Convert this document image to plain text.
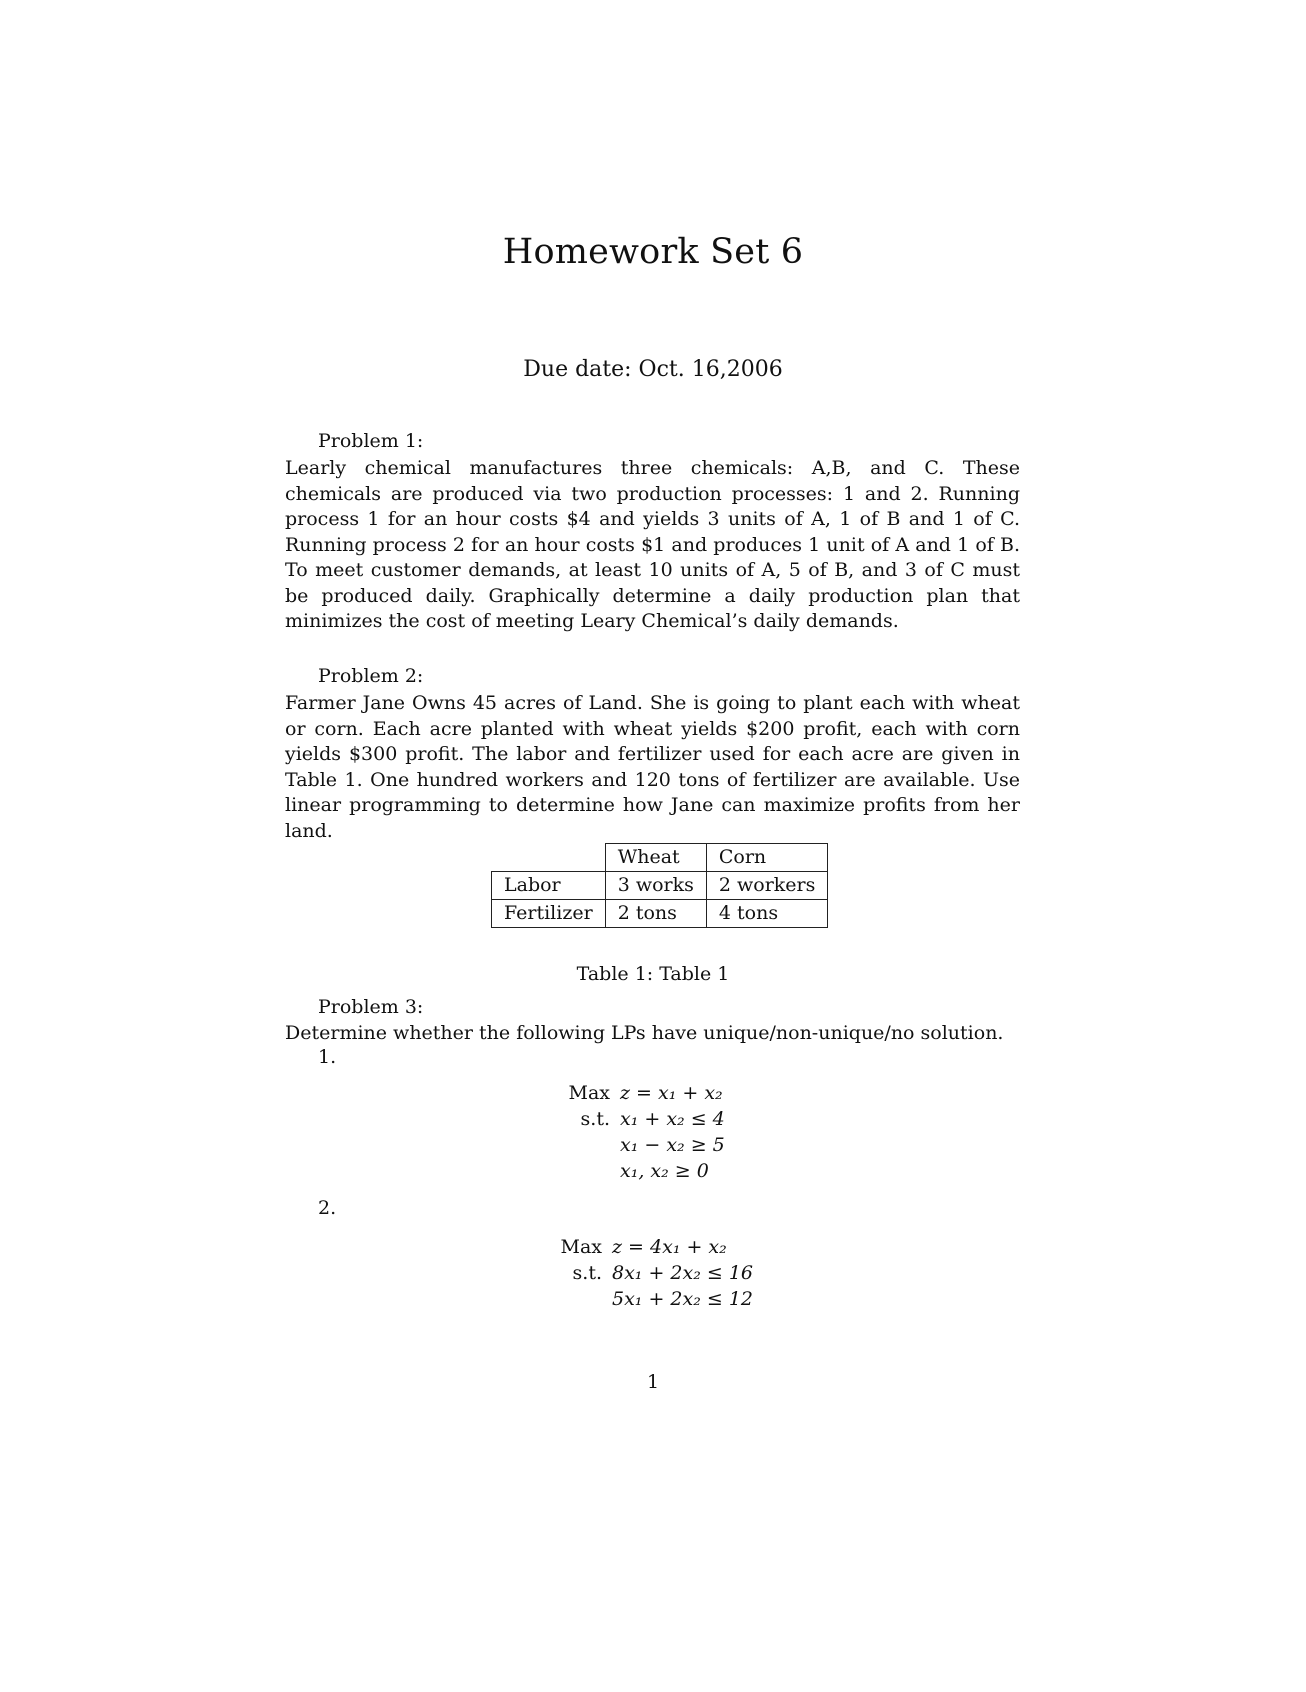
Homework Set 6
Due date: Oct. 16,2006
Problem 1:
Learly chemical manufactures three chemicals: A,B, and C. These chemicals are produced via two production processes: 1 and 2. Running process 1 for an hour costs $4 and yields 3 units of A, 1 of B and 1 of C. Running process 2 for an hour costs $1 and produces 1 unit of A and 1 of B. To meet customer demands, at least 10 units of A, 5 of B, and 3 of C must be produced daily. Graphically determine a daily production plan that minimizes the cost of meeting Leary Chemical’s daily demands.
Problem 2:
Farmer Jane Owns 45 acres of Land. She is going to plant each with wheat or corn. Each acre planted with wheat yields $200 profit, each with corn yields $300 profit. The labor and fertilizer used for each acre are given in Table 1. One hundred workers and 120 tons of fertilizer are available. Use linear programming to determine how Jane can maximize profits from her land.
	Wheat	Corn
Labor	3 works	2 workers
Fertilizer	2 tons	4 tons
Table 1: Table 1
Problem 3:
Determine whether the following LPs have unique/non-unique/no solution.
1.
Max z = x₁ + x₂
s.t. x₁ + x₂ ≤ 4
x₁ − x₂ ≥ 5
x₁, x₂ ≥ 0
2.
Max z = 4x₁ + x₂
s.t. 8x₁ + 2x₂ ≤ 16
5x₁ + 2x₂ ≤ 12
1
